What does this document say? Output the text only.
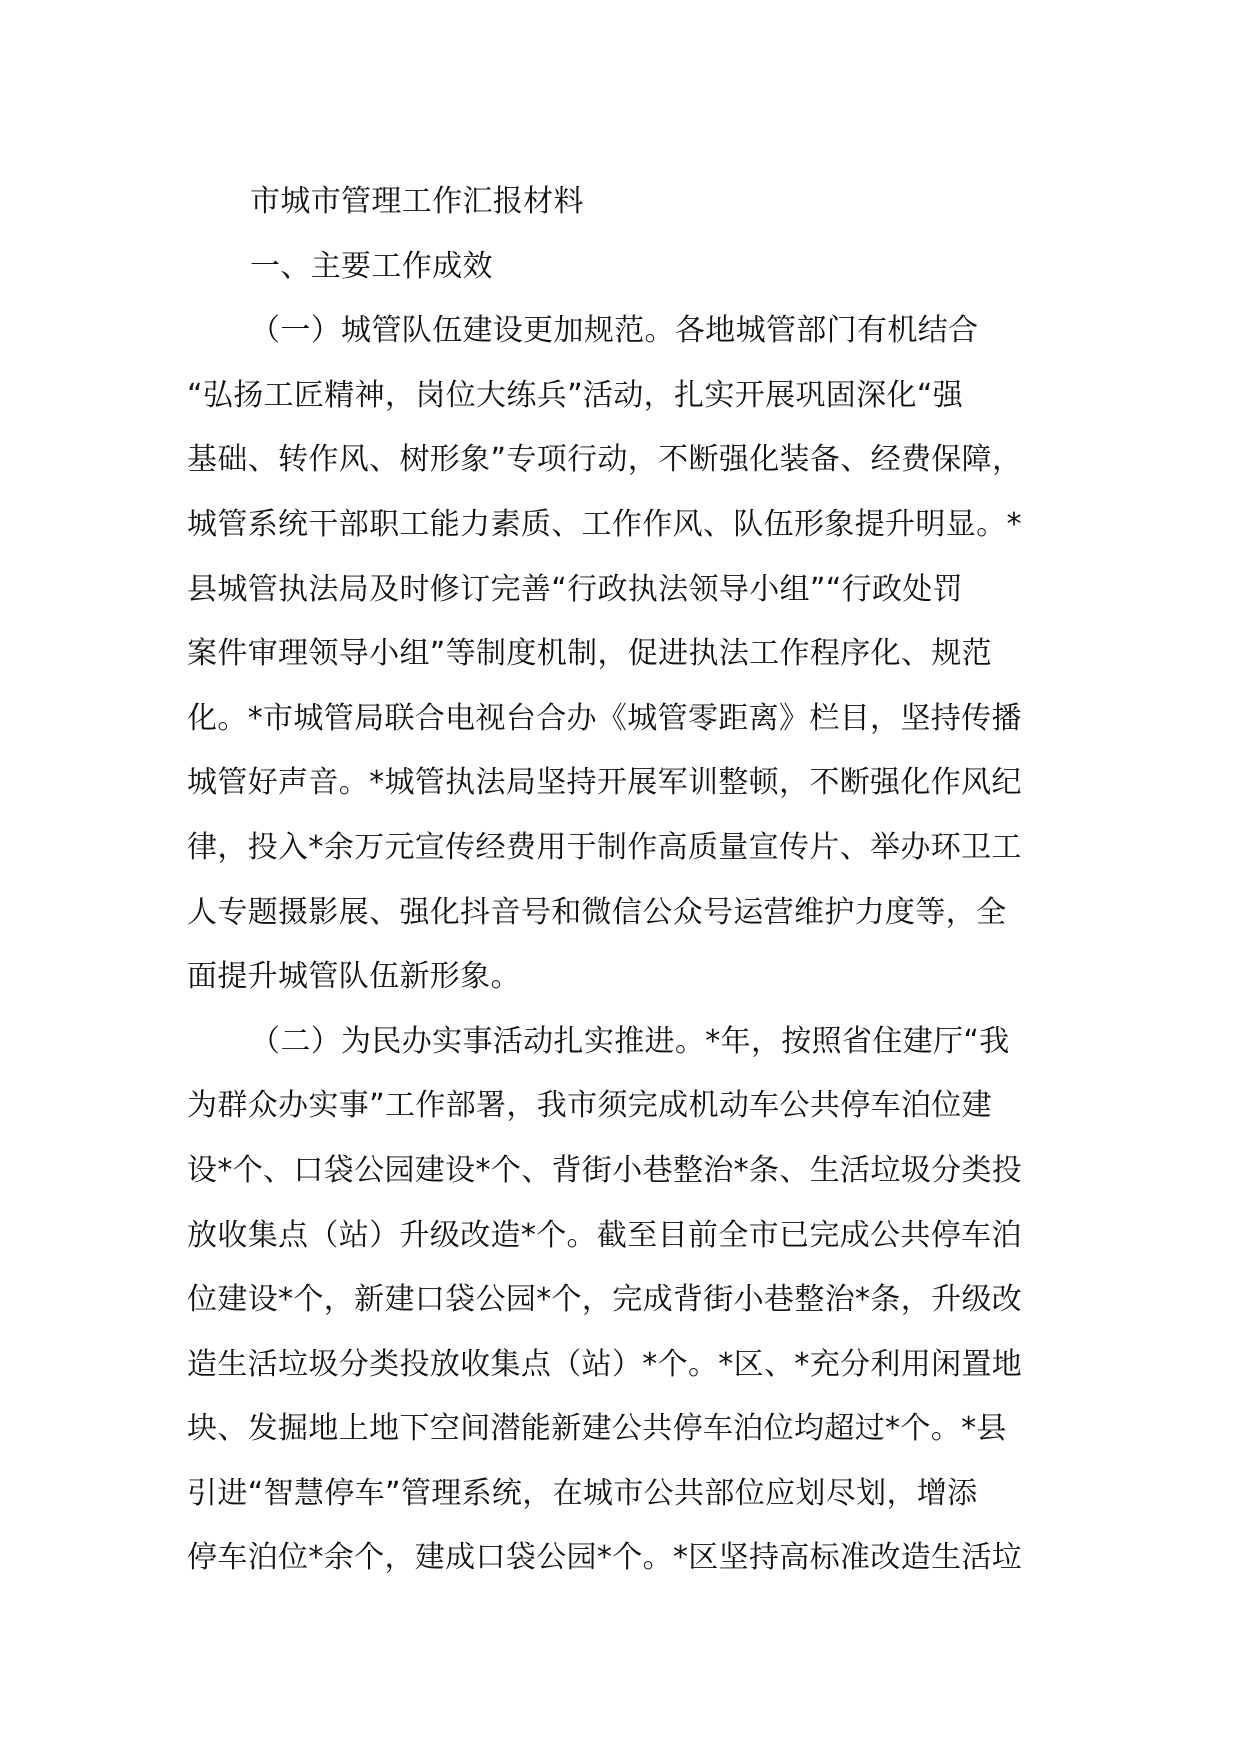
市城市管理工作汇报材料
一、主要工作成效
（一）城管队伍建设更加规范。各地城管部门有机结合
“弘扬工匠精神，岗位大练兵”活动，扎实开展巩固深化“强
基础、转作风、树形象”专项行动，不断强化装备、经费保障，
城管系统干部职工能力素质、工作作风、队伍形象提升明显。*
县城管执法局及时修订完善“行政执法领导小组”“行政处罚
案件审理领导小组”等制度机制，促进执法工作程序化、规范
化。*市城管局联合电视台合办《城管零距离》栏目，坚持传播
城管好声音。*城管执法局坚持开展军训整顿，不断强化作风纪
律，投入*余万元宣传经费用于制作高质量宣传片、举办环卫工
人专题摄影展、强化抖音号和微信公众号运营维护力度等，全
面提升城管队伍新形象。
（二）为民办实事活动扎实推进。*年，按照省住建厅“我
为群众办实事”工作部署，我市须完成机动车公共停车泊位建
设*个、口袋公园建设*个、背街小巷整治*条、生活垃圾分类投
放收集点（站）升级改造*个。截至目前全市已完成公共停车泊
位建设*个，新建口袋公园*个，完成背街小巷整治*条，升级改
造生活垃圾分类投放收集点（站）*个。*区、*充分利用闲置地
块、发掘地上地下空间潜能新建公共停车泊位均超过*个。*县
引进“智慧停车”管理系统，在城市公共部位应划尽划，增添
停车泊位*余个，建成口袋公园*个。*区坚持高标准改造生活垃
